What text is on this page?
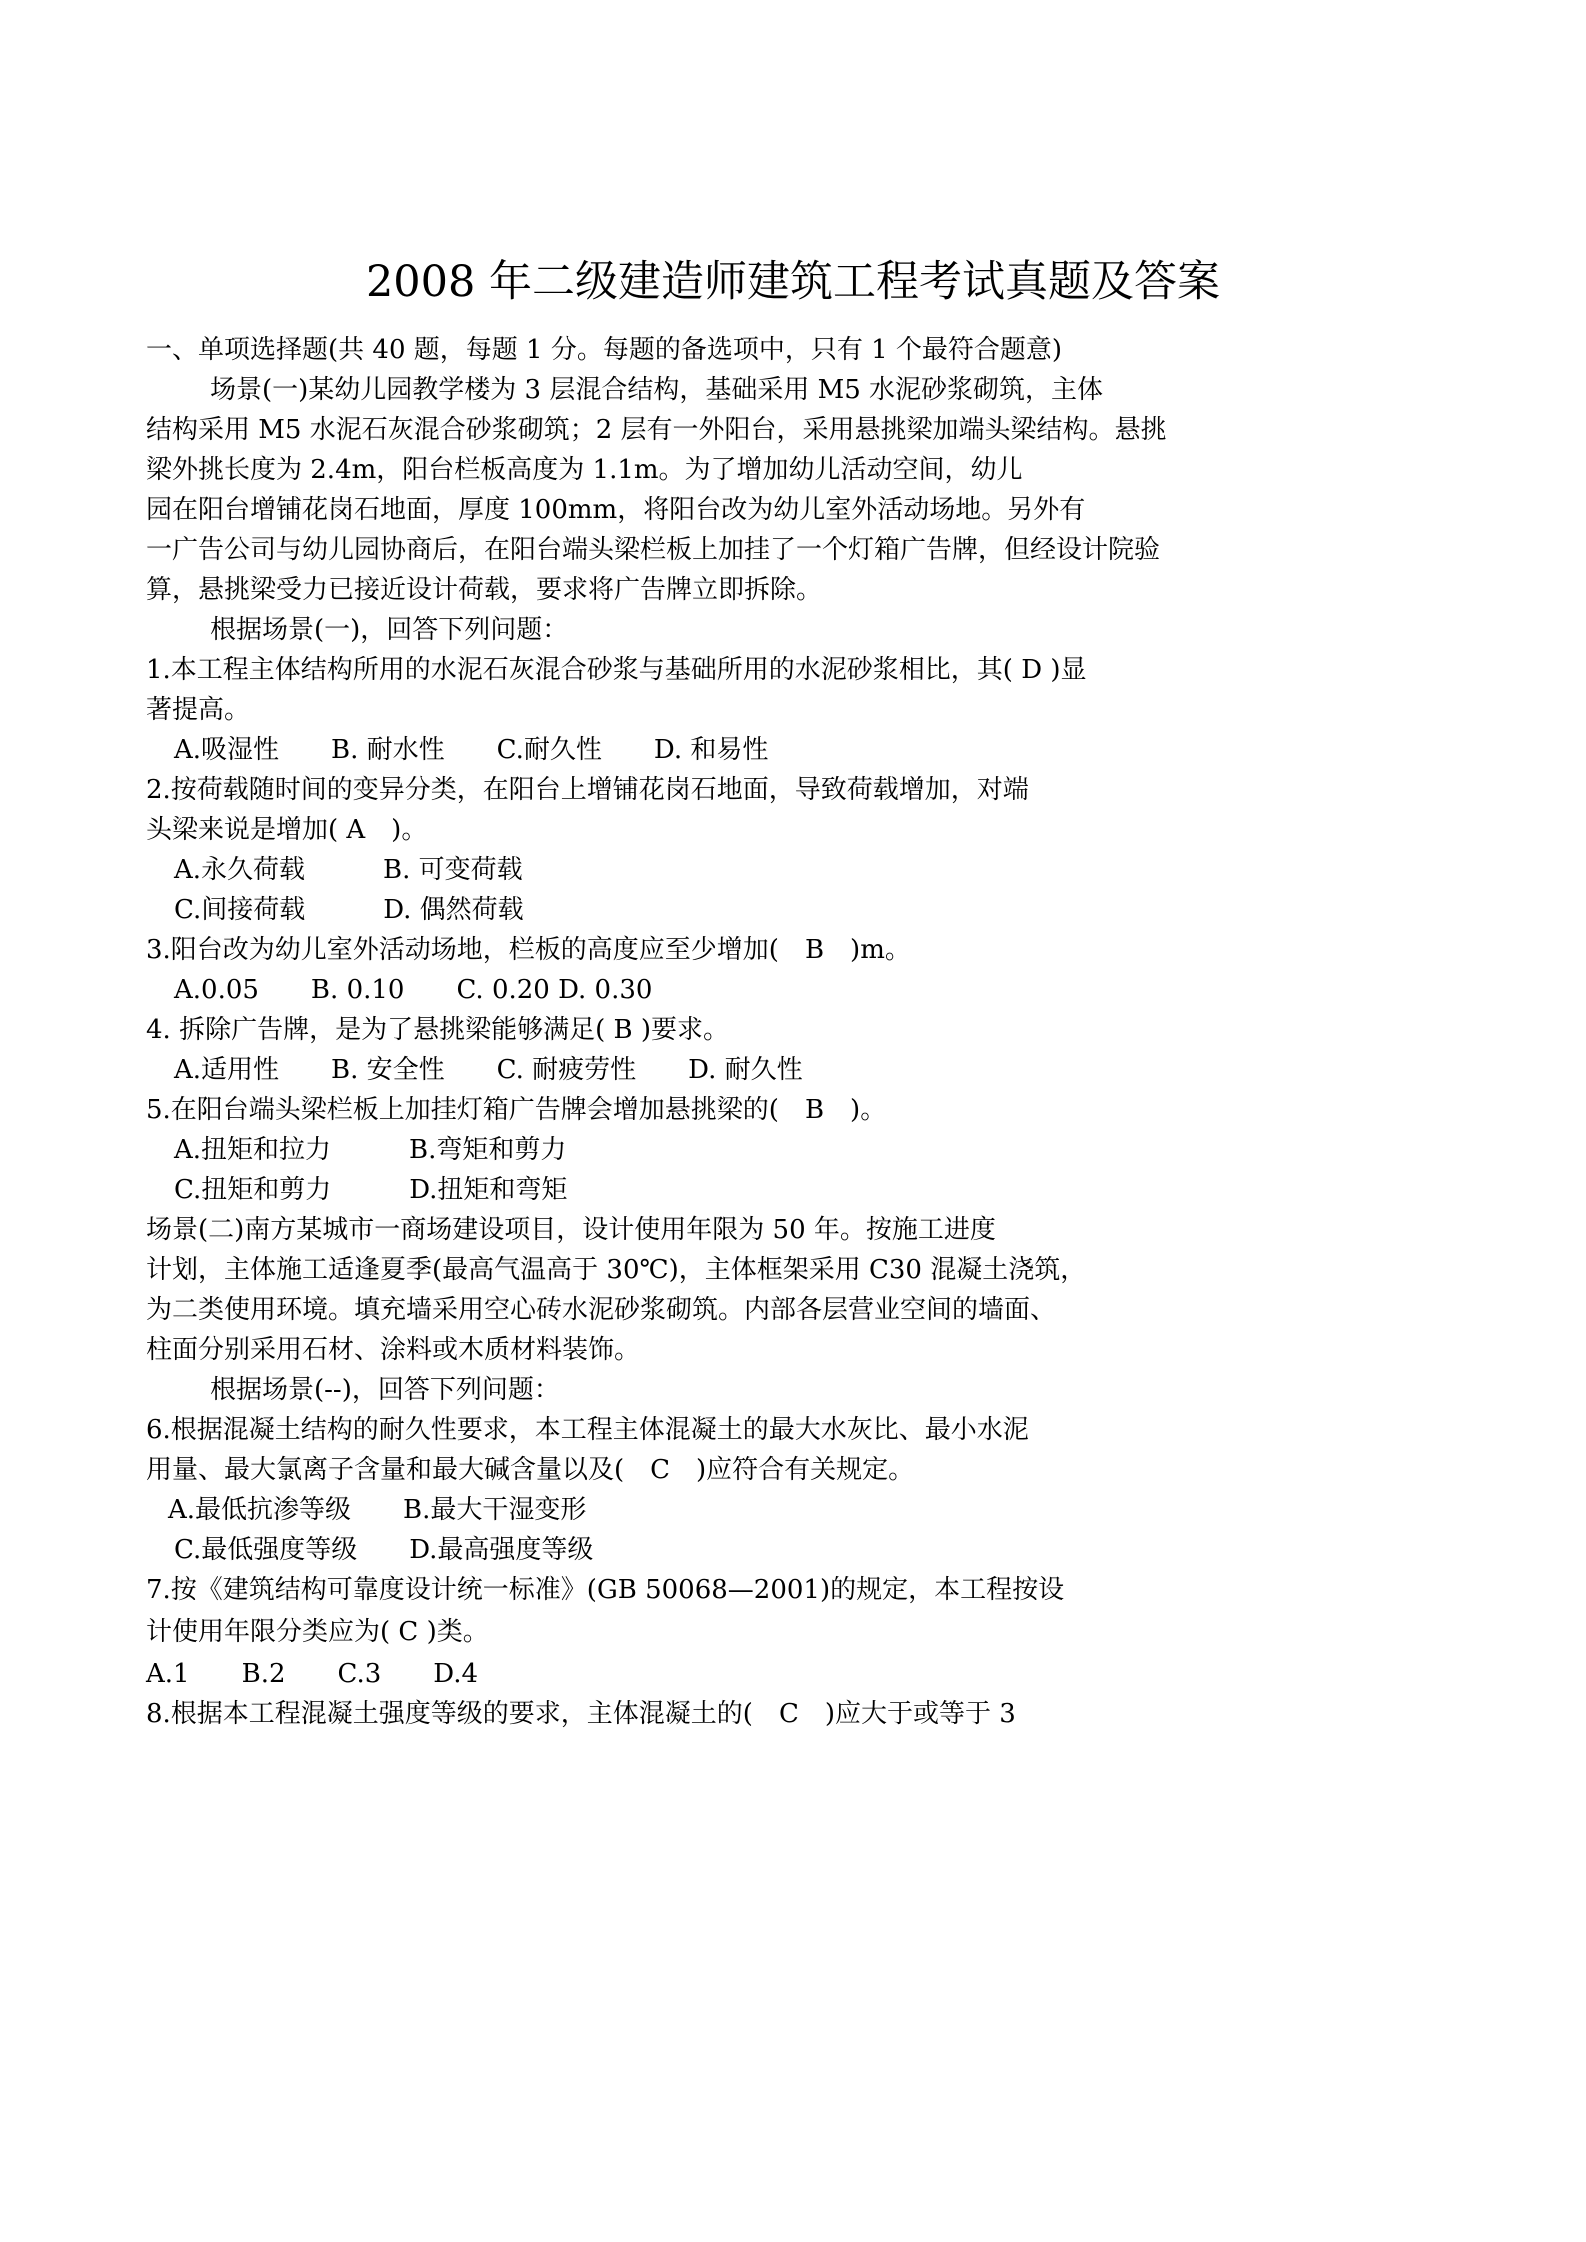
2008 年二级建造师建筑工程考试真题及答案
一、单项选择题(共 40 题，每题 1 分。每题的备选项中，只有 1 个最符合题意)
场景(一)某幼儿园教学楼为 3 层混合结构，基础采用 M5 水泥砂浆砌筑，主体
结构采用 M5 水泥石灰混合砂浆砌筑；2 层有一外阳台，采用悬挑梁加端头梁结构。悬挑
梁外挑长度为 2.4m，阳台栏板高度为 1.1m。为了增加幼儿活动空间，幼儿
园在阳台增铺花岗石地面，厚度 100mm，将阳台改为幼儿室外活动场地。另外有
一广告公司与幼儿园协商后，在阳台端头梁栏板上加挂了一个灯箱广告牌，但经设计院验
算，悬挑梁受力已接近设计荷载，要求将广告牌立即拆除。
根据场景(一)，回答下列问题：
1.本工程主体结构所用的水泥石灰混合砂浆与基础所用的水泥砂浆相比，其( D )显
著提高。
A.吸湿性　　B. 耐水性　　C.耐久性　　D. 和易性
2.按荷载随时间的变异分类，在阳台上增铺花岗石地面，导致荷载增加，对端
头梁来说是增加( A　)。
A.永久荷载　　　B. 可变荷载
C.间接荷载　　　D. 偶然荷载
3.阳台改为幼儿室外活动场地，栏板的高度应至少增加(　B　)m。
A.0.05　　B. 0.10　　C. 0.20 D. 0.30
4. 拆除广告牌，是为了悬挑梁能够满足( B )要求。
A.适用性　　B. 安全性　　C. 耐疲劳性　　D. 耐久性
5.在阳台端头梁栏板上加挂灯箱广告牌会增加悬挑梁的(　B　)。
A.扭矩和拉力　　　B.弯矩和剪力
C.扭矩和剪力　　　D.扭矩和弯矩
场景(二)南方某城市一商场建设项目，设计使用年限为 50 年。按施工进度
计划，主体施工适逢夏季(最高气温高于 30℃)，主体框架采用 C30 混凝土浇筑，
为二类使用环境。填充墙采用空心砖水泥砂浆砌筑。内部各层营业空间的墙面、
柱面分别采用石材、涂料或木质材料装饰。
根据场景(--)，回答下列问题：
6.根据混凝土结构的耐久性要求，本工程主体混凝土的最大水灰比、最小水泥
用量、最大氯离子含量和最大碱含量以及(　C　)应符合有关规定。
A.最低抗渗等级　　B.最大干湿变形
C.最低强度等级　　D.最高强度等级
7.按《建筑结构可靠度设计统一标准》(GB 50068—2001)的规定，本工程按设
计使用年限分类应为( C )类。
A.1　　B.2　　C.3　　D.4
8.根据本工程混凝土强度等级的要求，主体混凝土的(　C　)应大于或等于 3
